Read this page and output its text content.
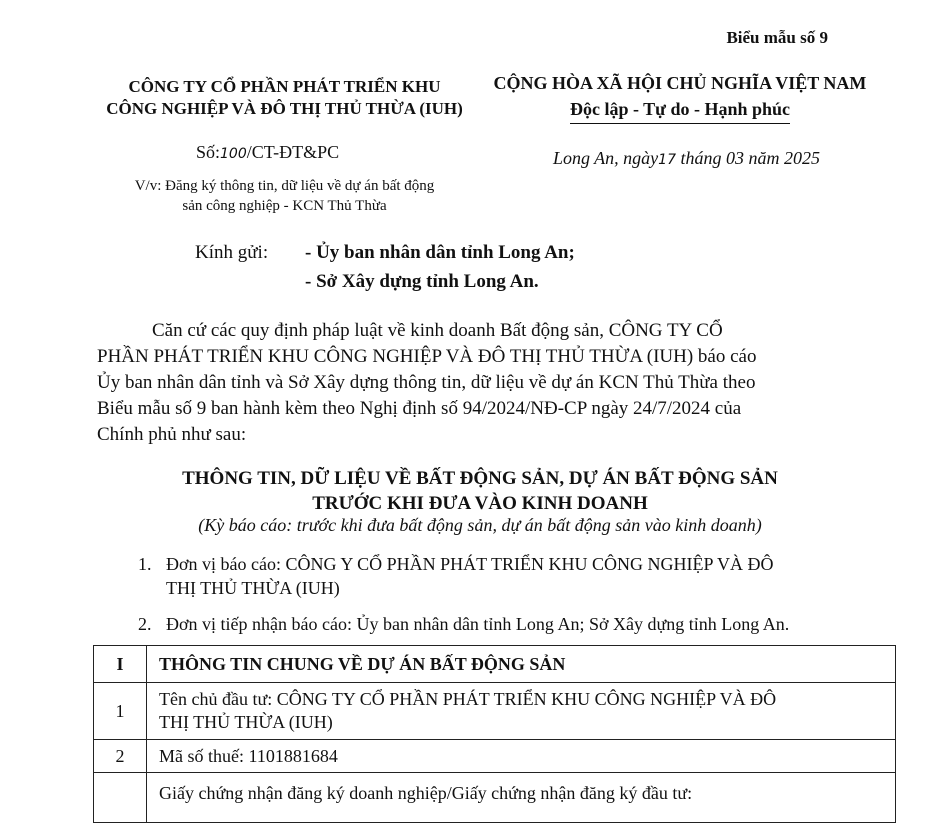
Biểu mẫu số 9
CÔNG TY CỔ PHẦN PHÁT TRIỂN KHU
CÔNG NGHIỆP VÀ ĐÔ THỊ THỦ THỪA (IUH)
CỘNG HÒA XÃ HỘI CHỦ NGHĨA VIỆT NAM
Độc lập - Tự do - Hạnh phúc
Số:100/CT-ĐT&PC	Long An, ngày17 tháng 03 năm 2025
V/v: Đăng ký thông tin, dữ liệu về dự án bất động
sản công nghiệp - KCN Thủ Thừa
Kính gửi: - Ủy ban nhân dân tỉnh Long An;
- Sở Xây dựng tỉnh Long An.
Căn cứ các quy định pháp luật về kinh doanh Bất động sản, CÔNG TY CỔ
PHẦN PHÁT TRIỂN KHU CÔNG NGHIỆP VÀ ĐÔ THỊ THỦ THỪA (IUH) báo cáo
Ủy ban nhân dân tỉnh và Sở Xây dựng thông tin, dữ liệu về dự án KCN Thủ Thừa theo
Biểu mẫu số 9 ban hành kèm theo Nghị định số 94/2024/NĐ-CP ngày 24/7/2024 của
Chính phủ như sau:
THÔNG TIN, DỮ LIỆU VỀ BẤT ĐỘNG SẢN, DỰ ÁN BẤT ĐỘNG SẢN
TRƯỚC KHI ĐƯA VÀO KINH DOANH
(Kỳ báo cáo: trước khi đưa bất động sản, dự án bất động sản vào kinh doanh)
1. Đơn vị báo cáo: CÔNG Y CỔ PHẦN PHÁT TRIỂN KHU CÔNG NGHIỆP VÀ ĐÔ
THỊ THỦ THỪA (IUH)
2. Đơn vị tiếp nhận báo cáo: Ủy ban nhân dân tỉnh Long An; Sở Xây dựng tỉnh Long An.
I	THÔNG TIN CHUNG VỀ DỰ ÁN BẤT ĐỘNG SẢN
1	Tên chủ đầu tư: CÔNG TY CỔ PHẦN PHÁT TRIỂN KHU CÔNG NGHIỆP VÀ ĐÔ
THỊ THỦ THỪA (IUH)

2	Mã số thuế: 1101881684
	Giấy chứng nhận đăng ký doanh nghiệp/Giấy chứng nhận đăng ký đầu tư:
